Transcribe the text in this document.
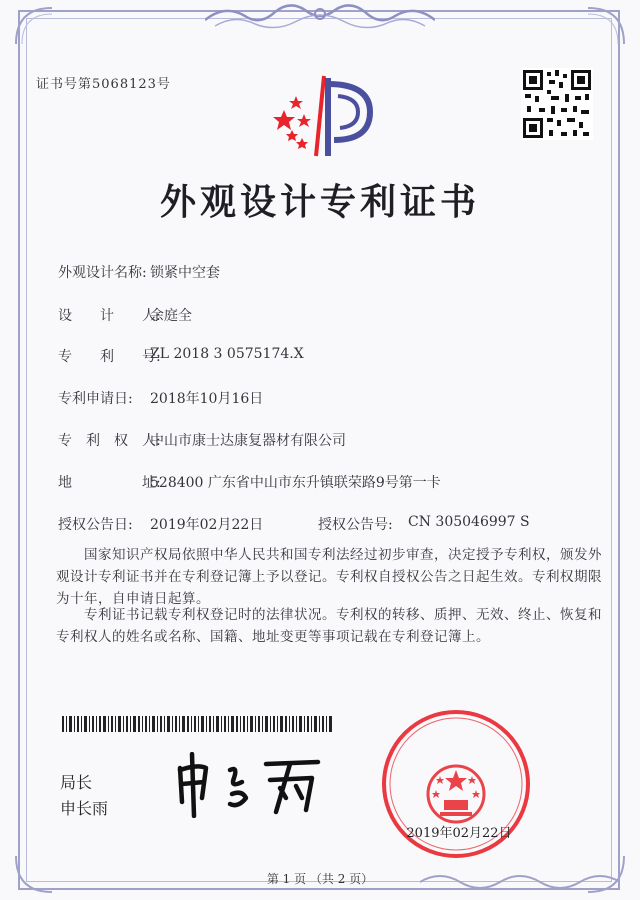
证书号第5068123号
外观设计专利证书
外观设计名称: 锁紧中空套
设　　计　　人:
余庭全
专　　利　　号:
ZL 2018 3 0575174.X
专利申请日: 2018年10月16日
专　利　权　人:
中山市康士达康复器材有限公司
地　　　　　址:
528400 广东省中山市东升镇联荣路9号第一卡
授权公告日: 2019年02月22日	授权公告号: CN 305046997 S
国家知识产权局依照中华人民共和国专利法经过初步审查，决定授予专利权，颁发外观设计专利证书并在专利登记簿上予以登记。专利权自授权公告之日起生效。专利权期限为十年，自申请日起算。
专利证书记载专利权登记时的法律状况。专利权的转移、质押、无效、终止、恢复和专利权人的姓名或名称、国籍、地址变更等事项记载在专利登记簿上。
局长
申长雨
2019年02月22日
第 1 页 （共 2 页）
